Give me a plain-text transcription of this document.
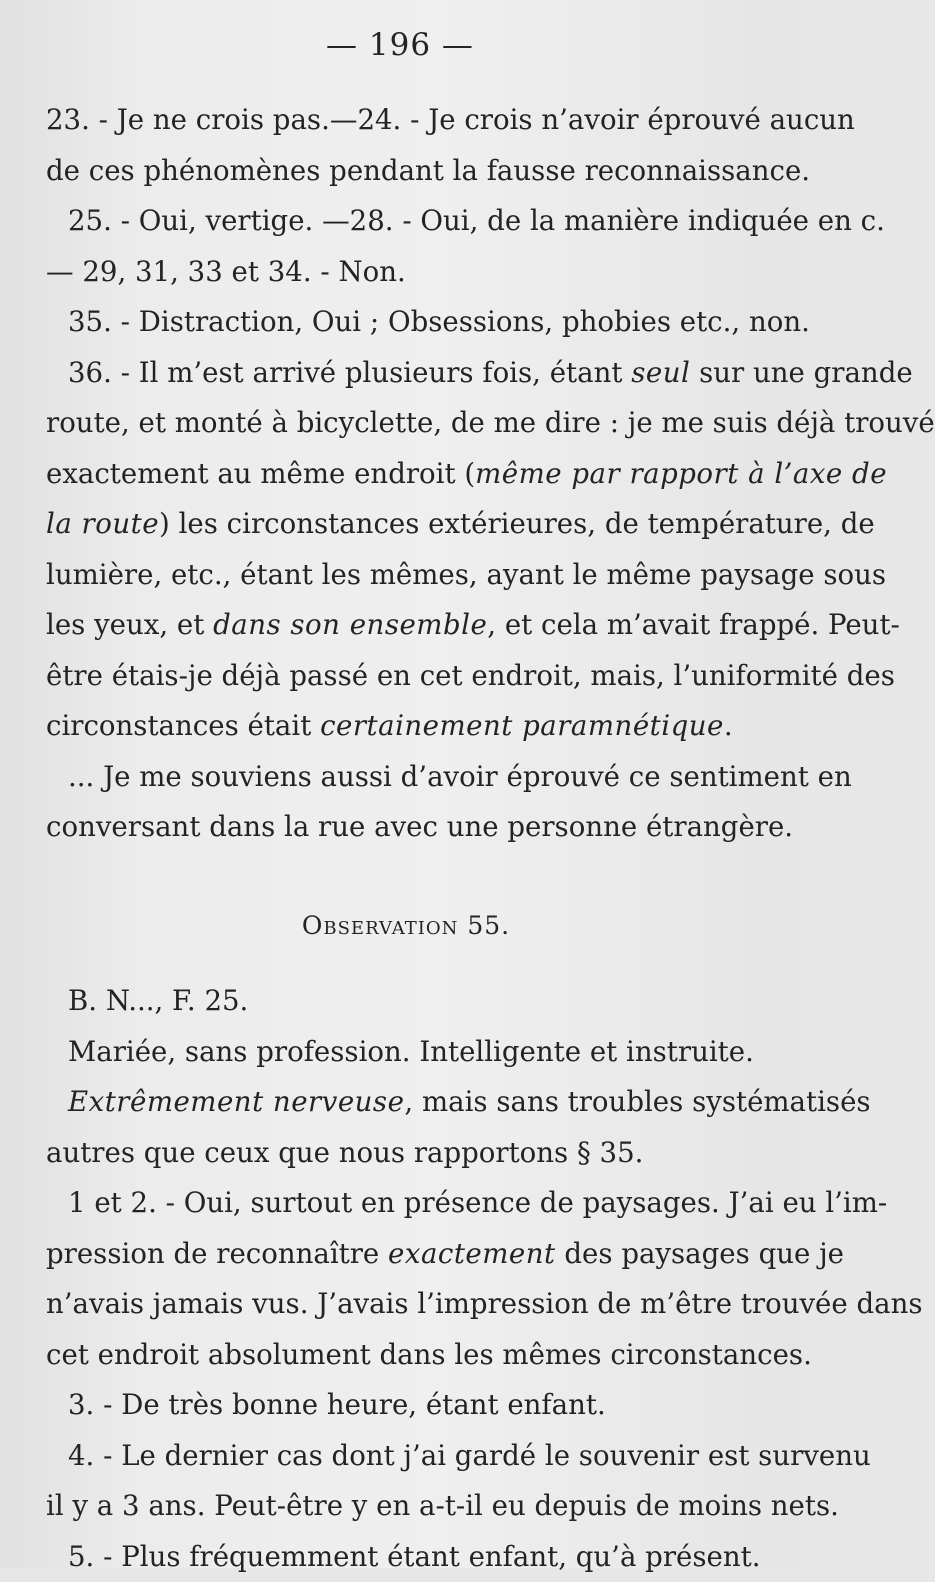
— 196 —
23. - Je ne crois pas.—24. - Je crois n’avoir éprouvé aucun
de ces phénomènes pendant la fausse reconnaissance.
25. - Oui, vertige. —28. - Oui, de la manière indiquée en c.
— 29, 31, 33 et 34. - Non.
35. - Distraction, Oui ; Obsessions, phobies etc., non.
36. - Il m’est arrivé plusieurs fois, étant seul sur une grande
route, et monté à bicyclette, de me dire : je me suis déjà trouvé
exactement au même endroit (même par rapport à l’axe de
la route) les circonstances extérieures, de température, de
lumière, etc., étant les mêmes, ayant le même paysage sous
les yeux, et dans son ensemble, et cela m’avait frappé. Peut-
être étais-je déjà passé en cet endroit, mais, l’uniformité des
circonstances était certainement paramnétique.
... Je me souviens aussi d’avoir éprouvé ce sentiment en
conversant dans la rue avec une personne étrangère.
Observation 55.
B. N..., F. 25.
Mariée, sans profession. Intelligente et instruite.
Extrêmement nerveuse, mais sans troubles systématisés
autres que ceux que nous rapportons § 35.
1 et 2. - Oui, surtout en présence de paysages. J’ai eu l’im-
pression de reconnaître exactement des paysages que je
n’avais jamais vus. J’avais l’impression de m’être trouvée dans
cet endroit absolument dans les mêmes circonstances.
3. - De très bonne heure, étant enfant.
4. - Le dernier cas dont j’ai gardé le souvenir est survenu
il y a 3 ans. Peut-être y en a-t-il eu depuis de moins nets.
5. - Plus fréquemment étant enfant, qu’à présent.
